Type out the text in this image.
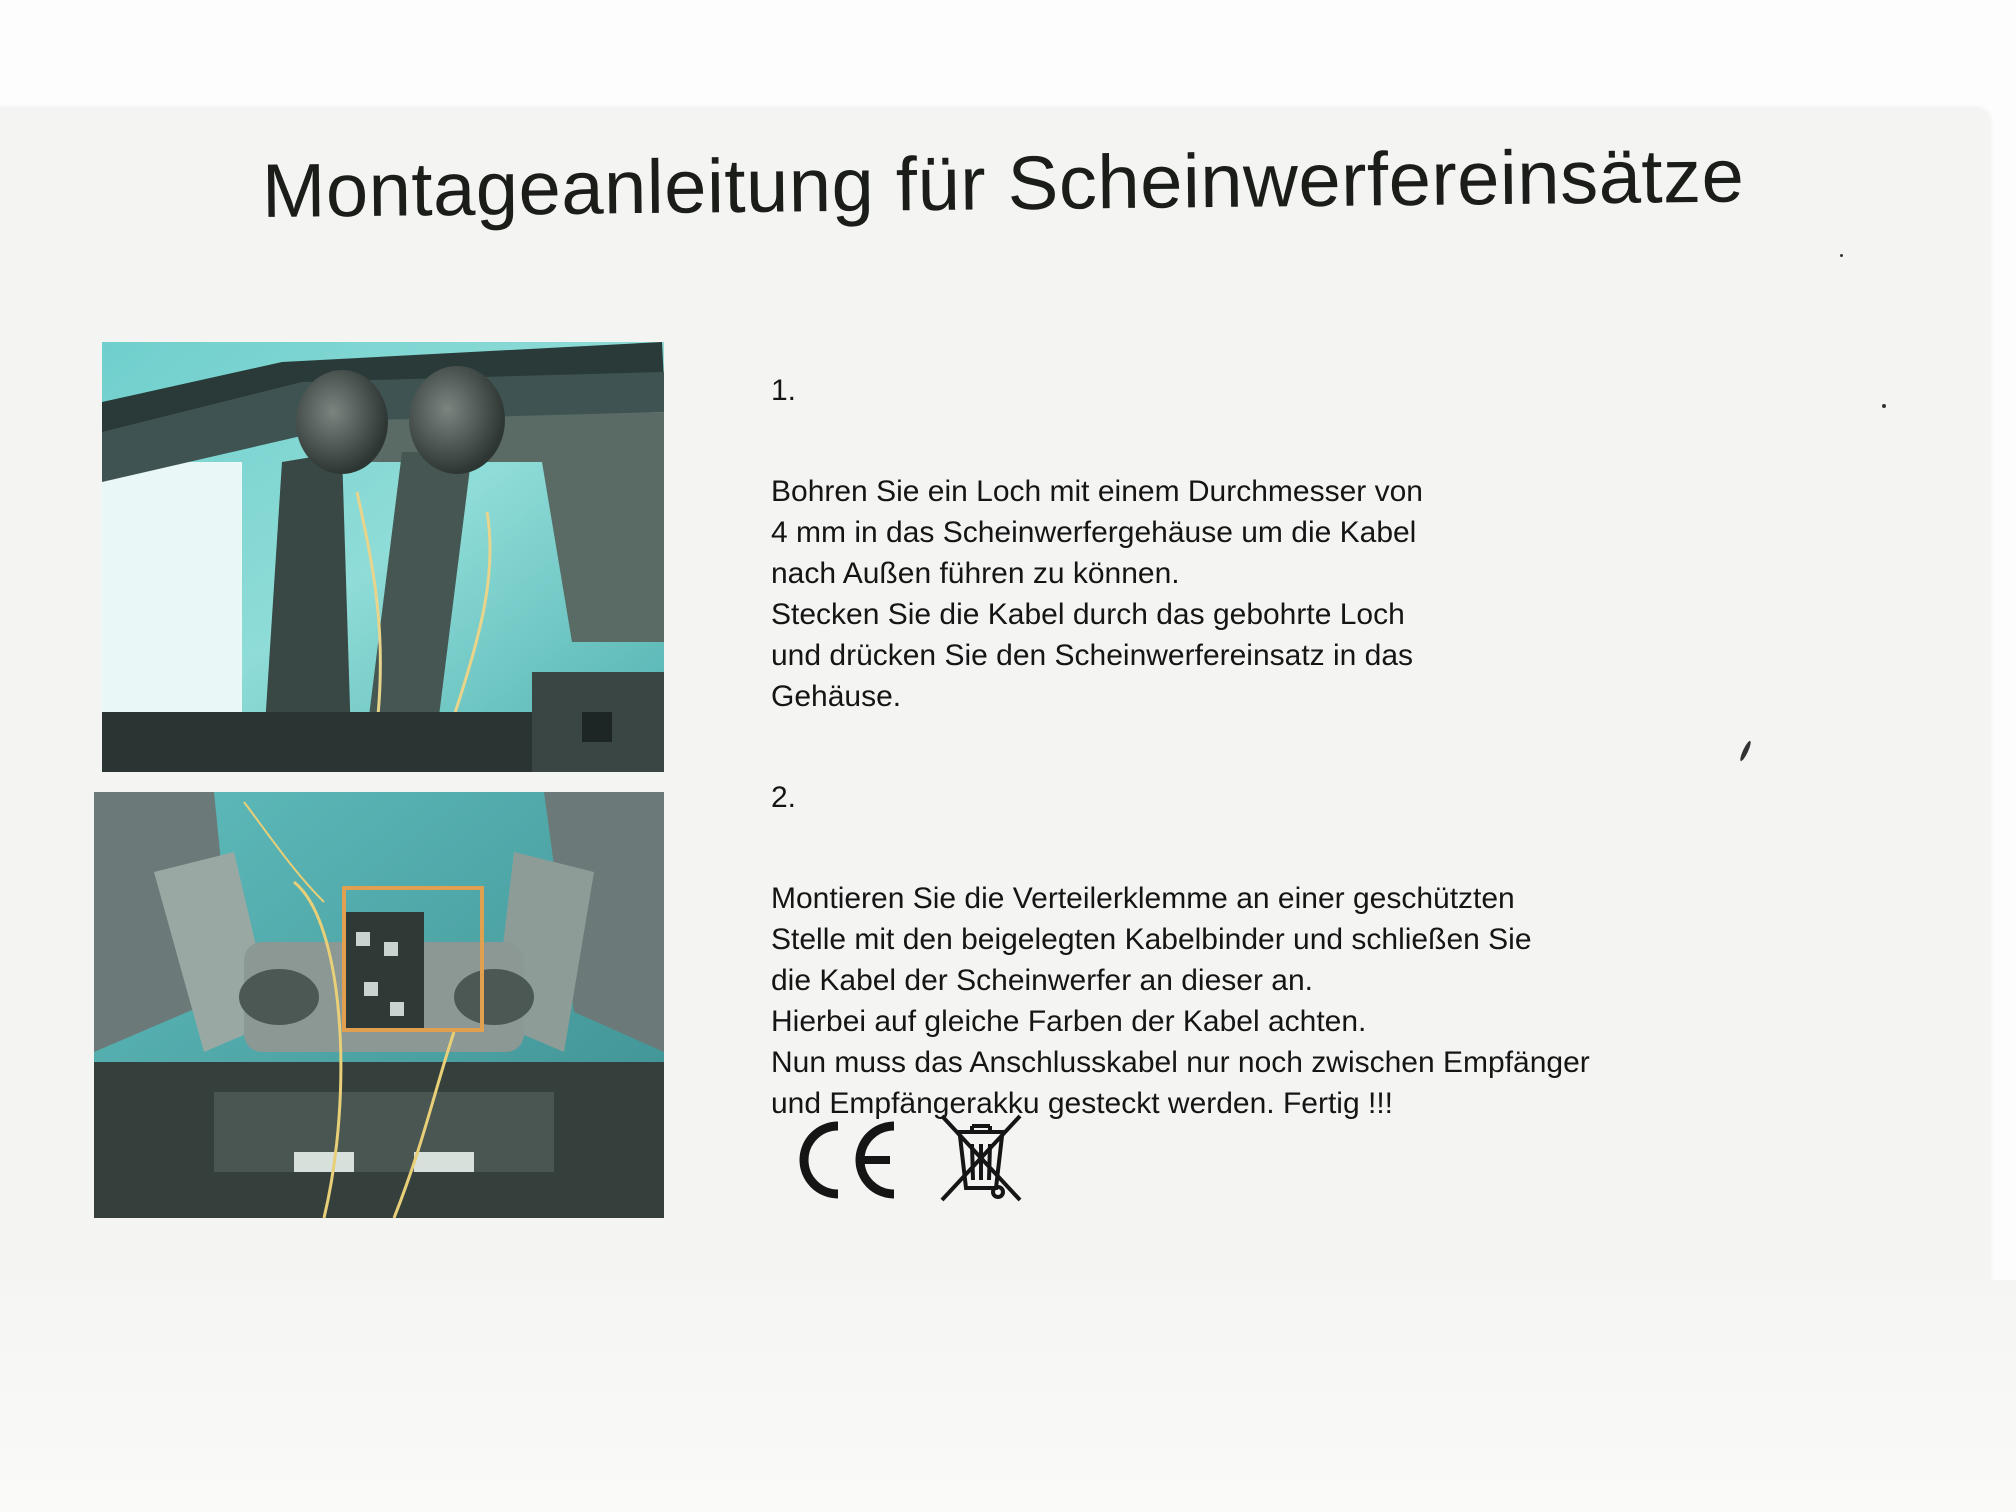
Montageanleitung für Scheinwerfereinsätze
1.
Bohren Sie ein Loch mit einem Durchmesser von
4 mm in das Scheinwerfergehäuse um die Kabel
nach Außen führen zu können.
Stecken Sie die Kabel durch das gebohrte Loch
und drücken Sie den Scheinwerfereinsatz in das
Gehäuse.
2.
Montieren Sie die Verteilerklemme an einer geschützten
Stelle mit den beigelegten Kabelbinder und schließen Sie
die Kabel der Scheinwerfer an dieser an.
Hierbei auf gleiche Farben der Kabel achten.
Nun muss das Anschlusskabel nur noch zwischen Empfänger
und Empfängerakku gesteckt werden. Fertig !!!
